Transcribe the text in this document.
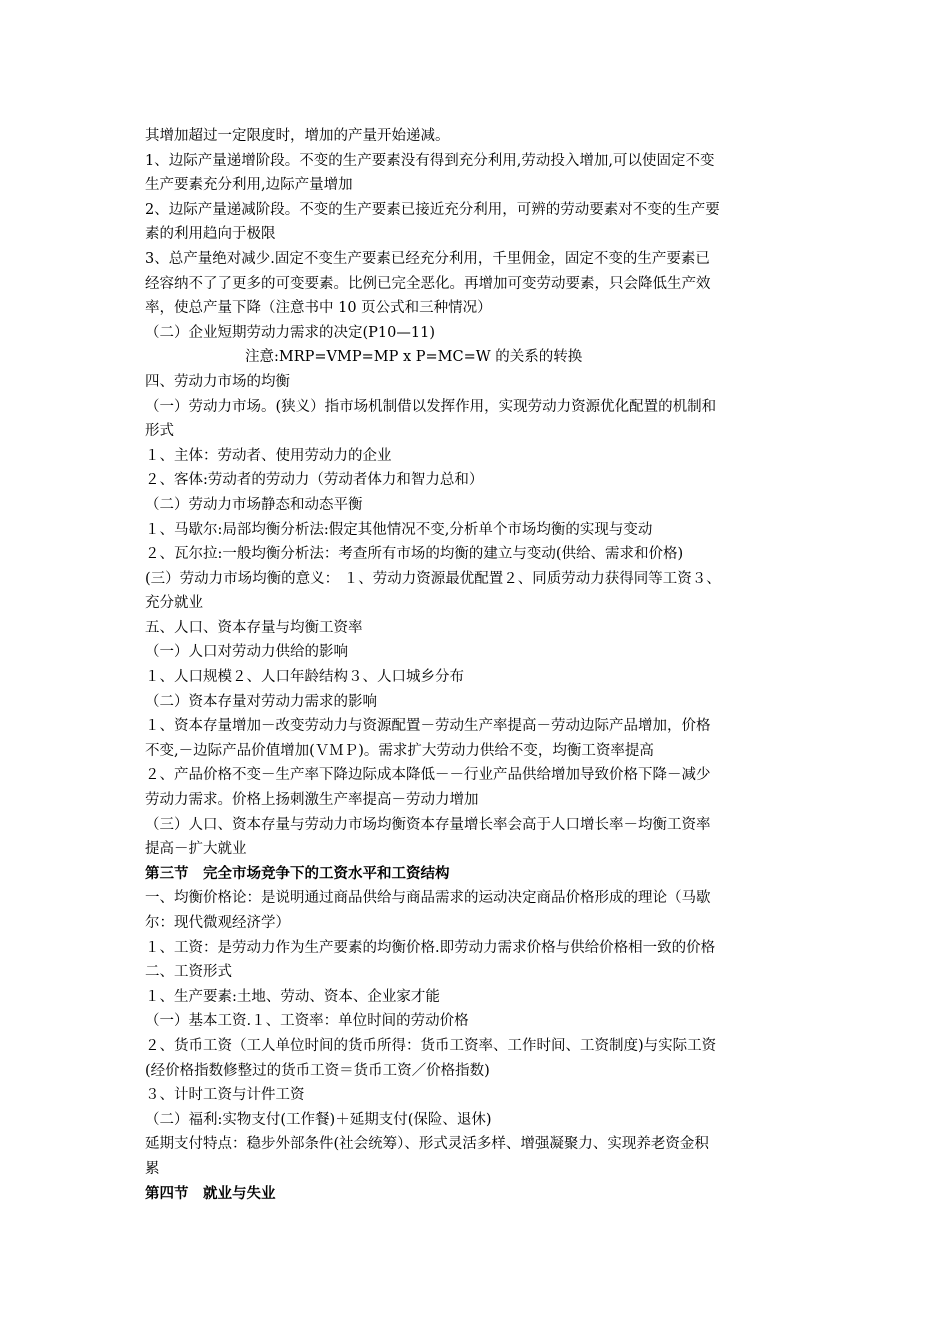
其增加超过一定限度时，增加的产量开始递减。
1、边际产量递增阶段。不变的生产要素没有得到充分利用,劳动投入增加,可以使固定不变
生产要素充分利用,边际产量增加
2、边际产量递减阶段。不变的生产要素已接近充分利用，可辨的劳动要素对不变的生产要
素的利用趋向于极限
3、总产量绝对减少.固定不变生产要素已经充分利用，千里佣金，固定不变的生产要素已
经容纳不了了更多的可变要素。比例已完全恶化。再增加可变劳动要素，只会降低生产效
率，使总产量下降（注意书中 10 页公式和三种情况）
（二）企业短期劳动力需求的决定(P10—11)
注意:MRP=VMP=MP x P=MC=W 的关系的转换
四、劳动力市场的均衡
（一）劳动力市场。(狭义）指市场机制借以发挥作用，实现劳动力资源优化配置的机制和
形式
１、主体：劳动者、使用劳动力的企业
２、客体:劳动者的劳动力（劳动者体力和智力总和）
（二）劳动力市场静态和动态平衡
１、马歇尔:局部均衡分析法:假定其他情况不变,分析单个市场均衡的实现与变动
２、瓦尔拉:一般均衡分析法：考查所有市场的均衡的建立与变动(供给、需求和价格)
(三）劳动力市场均衡的意义： １、劳动力资源最优配置２、同质劳动力获得同等工资３、
充分就业
五、人口、资本存量与均衡工资率
（一）人口对劳动力供给的影响
１、人口规模２、人口年龄结构３、人口城乡分布
（二）资本存量对劳动力需求的影响
１、资本存量增加－改变劳动力与资源配置－劳动生产率提高－劳动边际产品增加，价格
不变,－边际产品价值增加(ＶＭＰ)。需求扩大劳动力供给不变，均衡工资率提高
２、产品价格不变－生产率下降边际成本降低－－行业产品供给增加导致价格下降－减少
劳动力需求。价格上扬刺激生产率提高－劳动力增加
（三）人口、资本存量与劳动力市场均衡资本存量增长率会高于人口增长率－均衡工资率
提高－扩大就业
第三节　完全市场竞争下的工资水平和工资结构
一、均衡价格论：是说明通过商品供给与商品需求的运动决定商品价格形成的理论（马歇
尔：现代微观经济学）
１、工资：是劳动力作为生产要素的均衡价格.即劳动力需求价格与供给价格相一致的价格
二、工资形式
１、生产要素:土地、劳动、资本、企业家才能
（一）基本工资.１、工资率：单位时间的劳动价格
２、货币工资（工人单位时间的货币所得：货币工资率、工作时间、工资制度)与实际工资
(经价格指数修整过的货币工资＝货币工资／价格指数)
３、计时工资与计件工资
（二）福利:实物支付(工作餐)＋延期支付(保险、退休)
延期支付特点：稳步外部条件(社会统筹）、形式灵活多样、增强凝聚力、实现养老资金积
累
第四节　就业与失业
